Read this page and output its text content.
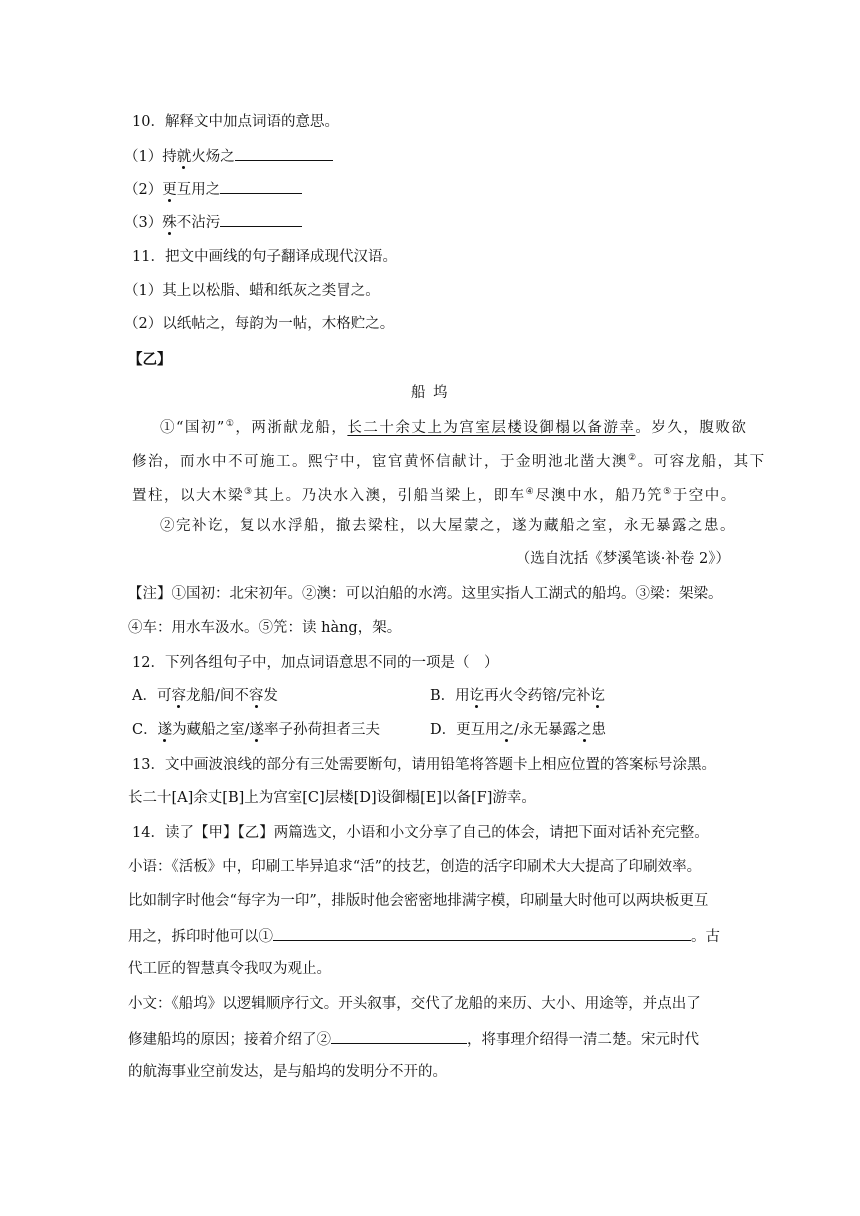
10．解释文中加点词语的意思。
（1）持就火炀之
（2）更互用之
（3）殊不沾污
11．把文中画线的句子翻译成现代汉语。
（1）其上以松脂、蜡和纸灰之类冒之。
（2）以纸帖之，每韵为一帖，木格贮之。
【乙】
船 坞
①“国初”①，两浙献龙船，长二十余丈上为宫室层楼设御榻以备游幸。岁久，腹败欲
修治，而水中不可施工。熙宁中，宦官黄怀信献计，于金明池北凿大澳②。可容龙船，其下
置柱，以大木梁③其上。乃决水入澳，引船当梁上，即车④尽澳中水，船乃笐⑤于空中。
②完补讫，复以水浮船，撤去梁柱，以大屋蒙之，遂为藏船之室，永无暴露之患。
（选自沈括《梦溪笔谈·补卷 2》）
【注】①国初：北宋初年。②澳：可以泊船的水湾。这里实指人工湖式的船坞。③梁：架梁。
④车：用水车汲水。⑤笐：读 hàng，架。
12．下列各组句子中，加点词语意思不同的一项是（　）
A．可容龙船/间不容发	B．用讫再火令药镕/完补讫
C．遂为藏船之室/遂率子孙荷担者三夫	D．更互用之/永无暴露之患
13．文中画波浪线的部分有三处需要断句，请用铅笔将答题卡上相应位置的答案标号涂黑。
长二十[A]余丈[B]上为宫室[C]层楼[D]设御榻[E]以备[F]游幸。
14．读了【甲】【乙】两篇选文，小语和小文分享了自己的体会，请把下面对话补充完整。
小语：《活板》中，印刷工毕异追求“活”的技艺，创造的活字印刷术大大提高了印刷效率。
比如制字时他会“每字为一印”，排版时他会密密地排满字模，印刷量大时他可以两块板更互
用之，拆印时他可以①	。古
代工匠的智慧真令我叹为观止。
小文：《船坞》以逻辑顺序行文。开头叙事，交代了龙船的来历、大小、用途等，并点出了
修建船坞的原因；接着介绍了②	，将事理介绍得一清二楚。宋元时代
的航海事业空前发达，是与船坞的发明分不开的。
